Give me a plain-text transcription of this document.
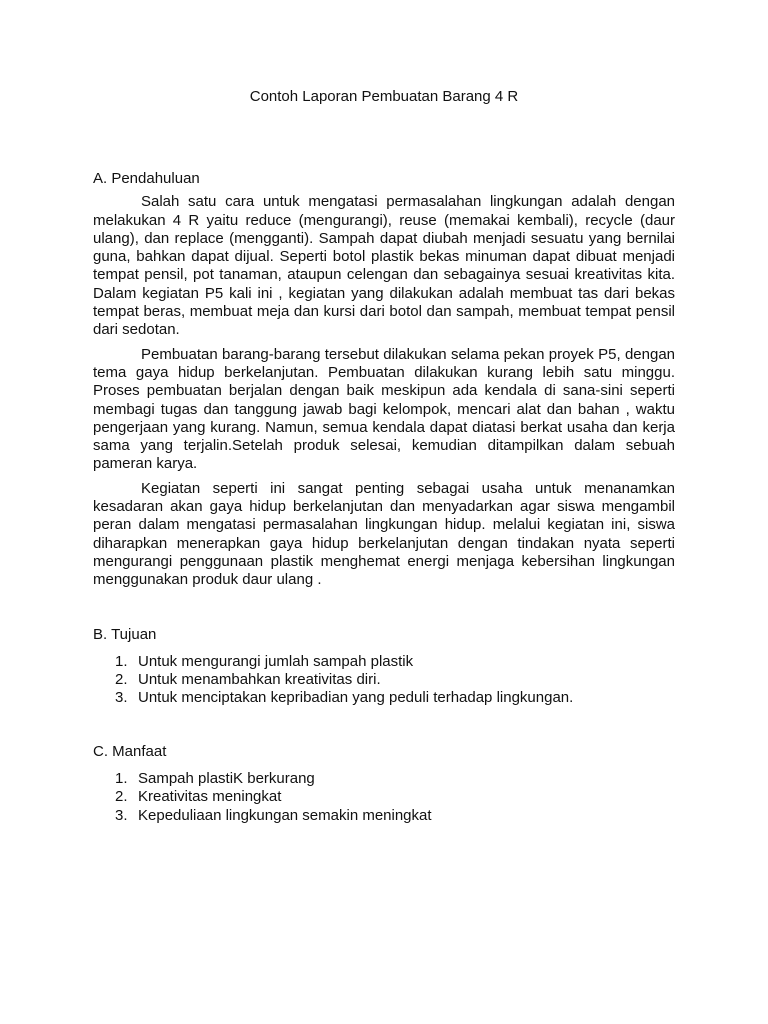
Contoh Laporan Pembuatan Barang 4 R

A. Pendahuluan

Salah satu cara untuk mengatasi permasalahan lingkungan adalah dengan melakukan 4 R yaitu reduce (mengurangi), reuse (memakai kembali), recycle (daur ulang), dan replace (mengganti). Sampah dapat diubah menjadi sesuatu yang bernilai guna, bahkan dapat dijual. Seperti botol plastik bekas minuman dapat dibuat menjadi tempat pensil, pot tanaman, ataupun celengan dan sebagainya sesuai kreativitas kita. Dalam kegiatan P5 kali ini , kegiatan yang dilakukan adalah membuat tas dari bekas tempat beras, membuat meja dan kursi dari botol dan sampah, membuat tempat pensil dari sedotan.

Pembuatan barang-barang tersebut dilakukan selama pekan proyek P5, dengan tema gaya hidup berkelanjutan. Pembuatan dilakukan kurang lebih satu minggu. Proses pembuatan berjalan dengan baik meskipun ada kendala di sana-sini seperti membagi tugas dan tanggung jawab bagi kelompok, mencari alat dan bahan , waktu pengerjaan yang kurang. Namun, semua kendala dapat diatasi berkat usaha dan kerja sama yang terjalin.Setelah produk selesai, kemudian ditampilkan dalam sebuah pameran karya.

Kegiatan seperti ini sangat penting sebagai usaha untuk menanamkan kesadaran akan gaya hidup berkelanjutan dan menyadarkan agar siswa mengambil peran dalam mengatasi permasalahan lingkungan hidup. melalui kegiatan ini, siswa diharapkan menerapkan gaya hidup berkelanjutan dengan tindakan nyata seperti mengurangi penggunaan plastik menghemat energi menjaga kebersihan lingkungan menggunakan produk daur ulang .

B. Tujuan

1. Untuk mengurangi jumlah sampah plastik
2. Untuk menambahkan kreativitas diri.
3. Untuk menciptakan kepribadian yang peduli terhadap lingkungan.

C. Manfaat

1. Sampah plastiK berkurang
2. Kreativitas meningkat
3. Kepeduliaan lingkungan semakin meningkat
